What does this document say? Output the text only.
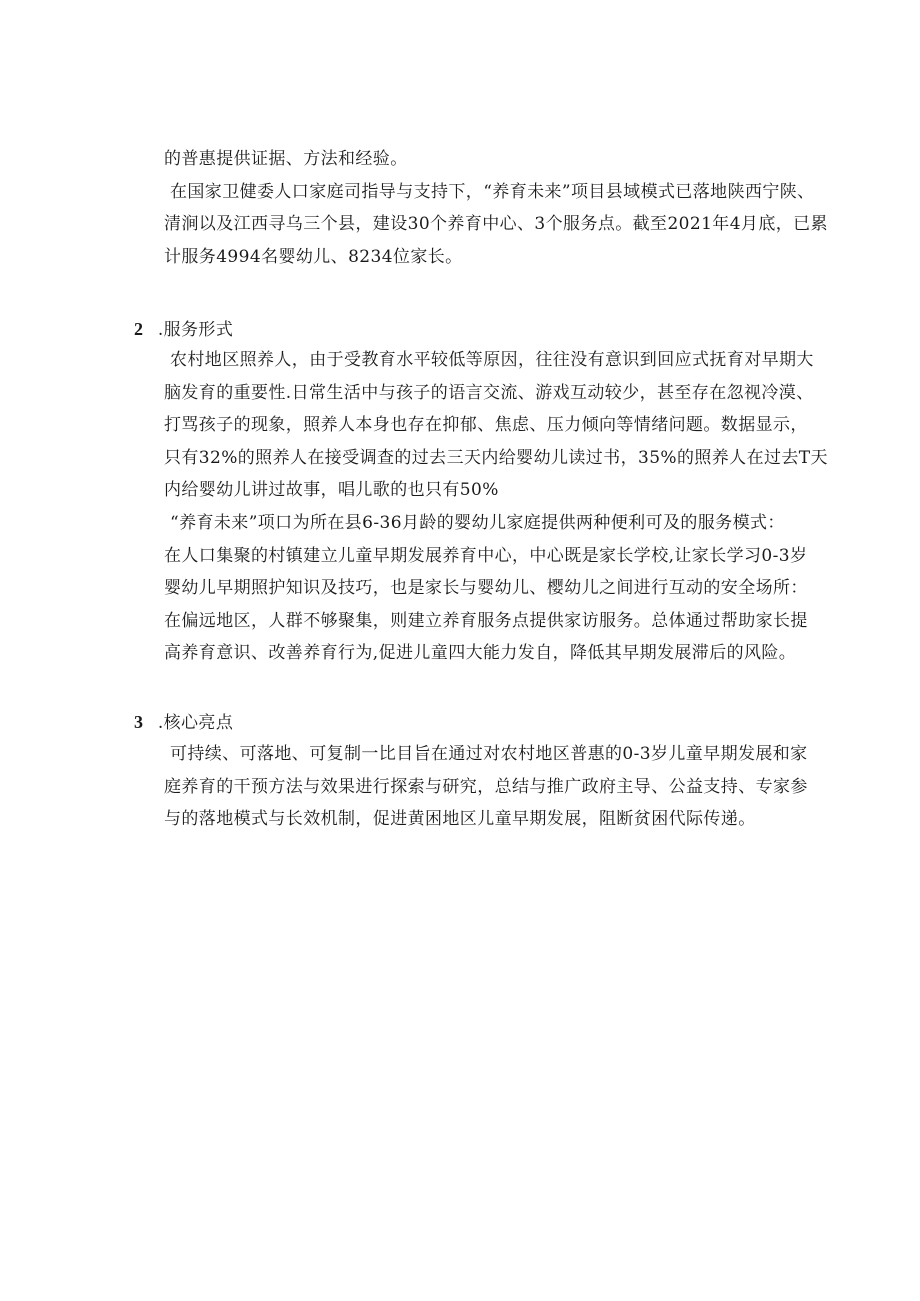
的普惠提供证据、方法和经验。
在国家卫健委人口家庭司指导与支持下，“养育未来”项目县域模式已落地陕西宁陕、
清涧以及江西寻乌三个县，建设30个养育中心、3个服务点。截至2021年4月底，已累
计服务4994名婴幼儿、8234位家长。
2 .服务形式
农村地区照养人，由于受教育水平较低等原因，往往没有意识到回应式抚育对早期大
脑发育的重要性.日常生活中与孩子的语言交流、游戏互动较少，甚至存在忽视冷漠、
打骂孩子的现象，照养人本身也存在抑郁、焦虑、压力倾向等情绪问题。数据显示，
只有32%的照养人在接受调查的过去三天内给婴幼儿读过书，35%的照养人在过去T天
内给婴幼儿讲过故事，唱儿歌的也只有50%
“养育未来”项口为所在县6-36月龄的婴幼儿家庭提供两种便利可及的服务模式：
在人口集聚的村镇建立儿童早期发展养育中心，中心既是家长学校,让家长学习0-3岁
婴幼儿早期照护知识及技巧，也是家长与婴幼儿、樱幼儿之间进行互动的安全场所：
在偏远地区，人群不够聚集，则建立养育服务点提供家访服务。总体通过帮助家长提
高养育意识、改善养育行为,促进儿童四大能力发自，降低其早期发展滞后的风险。
3 .核心亮点
可持续、可落地、可复制一比目旨在通过对农村地区普惠的0-3岁儿童早期发展和家
庭养育的干预方法与效果进行探索与研究，总结与推广政府主导、公益支持、专家参
与的落地模式与长效机制，促进黄困地区儿童早期发展，阻断贫困代际传递。
